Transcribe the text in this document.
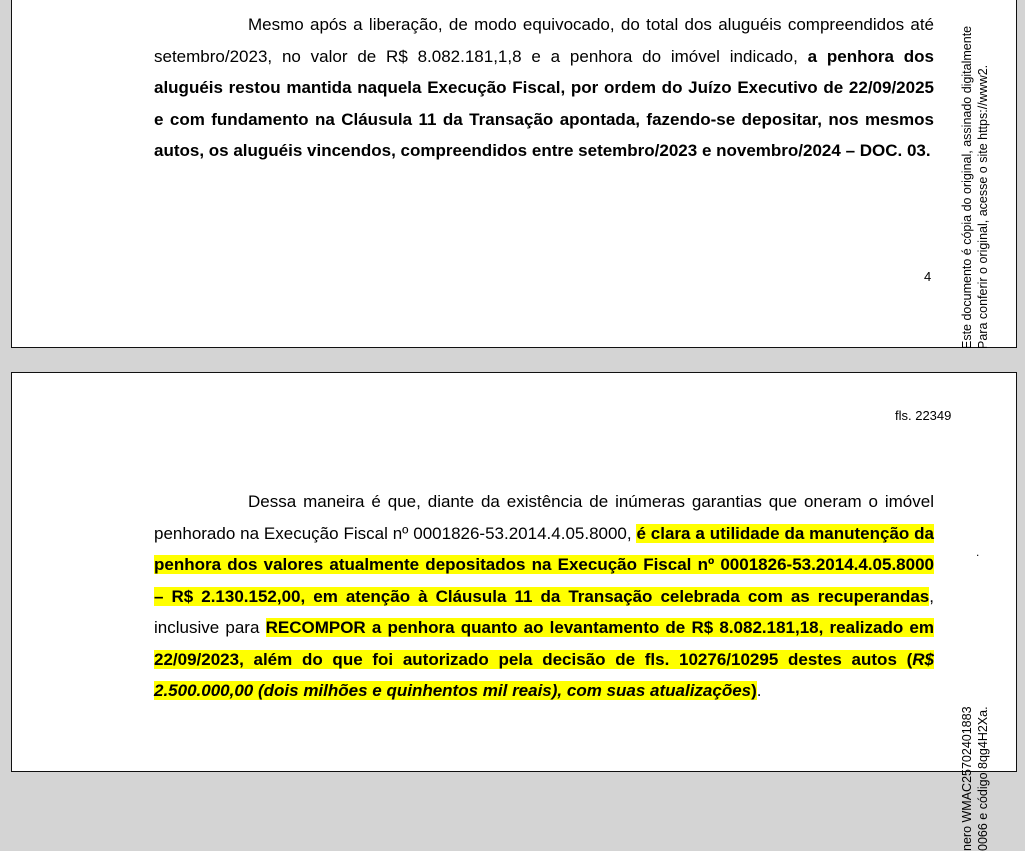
Mesmo após a liberação, de modo equivocado, do total dos aluguéis compreendidos até setembro/2023, no valor de R$ 8.082.181,1,8 e a penhora do imóvel indicado, a penhora dos aluguéis restou mantida naquela Execução Fiscal, por ordem do Juízo Executivo de 22/09/2025 e com fundamento na Cláusula 11 da Transação apontada, fazendo-se depositar, nos mesmos autos, os aluguéis vincendos, compreendidos entre setembro/2023 e novembro/2024 – DOC. 03.

4
fls. 22349

Dessa maneira é que, diante da existência de inúmeras garantias que oneram o imóvel penhorado na Execução Fiscal nº 0001826-53.2014.4.05.8000, é clara a utilidade da manutenção da penhora dos valores atualmente depositados na Execução Fiscal nº 0001826-53.2014.4.05.8000 – R$ 2.130.152,00, em atenção à Cláusula 11 da Transação celebrada com as recuperandas, inclusive para RECOMPOR a penhora quanto ao levantamento de R$ 8.082.181,18, realizado em 22/09/2023, além do que foi autorizado pela decisão de fls. 10276/10295 destes autos (R$ 2.500.000,00 (dois milhões e quinhentos mil reais), com suas atualizações).

Este documento é cópia do original, assinado digitalmente Para conferir o original, acesse o site https://www2.
.
nero WMAC25702401883 0066 e código 8qg4H2Xa.
